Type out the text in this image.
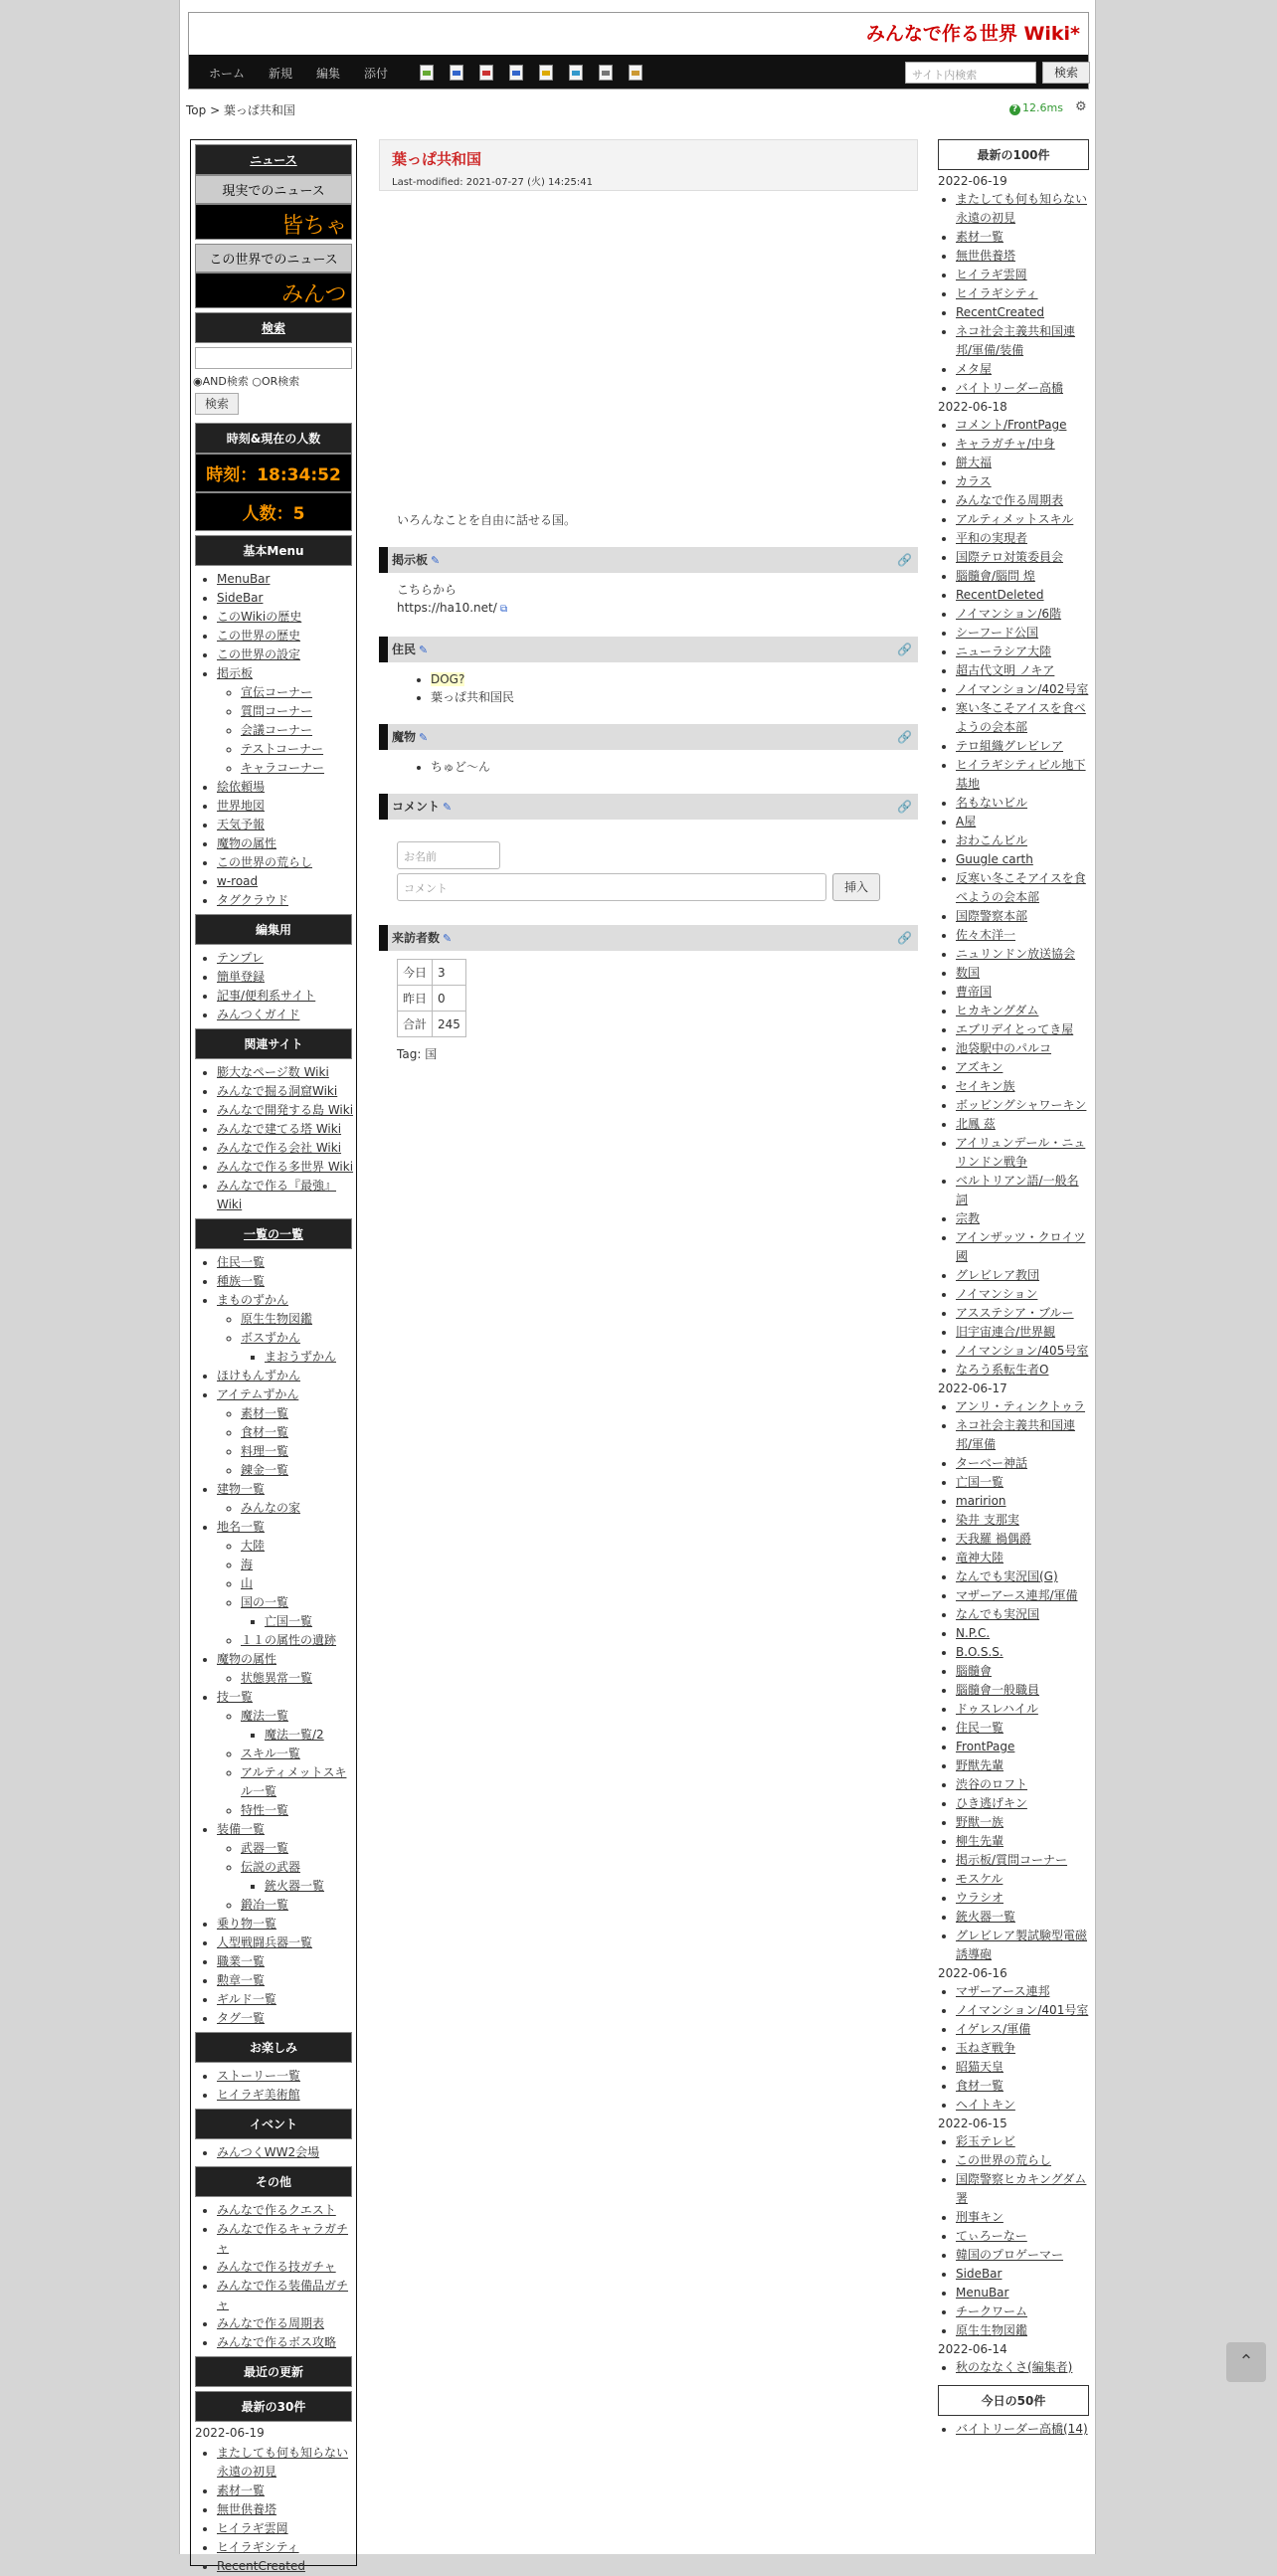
みんなで作る世界 Wiki*
ホーム 新規 編集 添付	サイト内検索	検索
Top > 葉っぱ共和国	? 12.6ms ⚙
ニュース
現実でのニュース
皆ちゃ
この世界でのニュース
みんつ
検索
◉AND検索 ○OR検索
検索
時刻&現在の人数
時刻：18:34:52
人数：5
基本Menu
• MenuBar
• SideBar
• このWikiの歴史
• この世界の歴史
• この世界の設定
• 掲示板
◦ 宣伝コーナー
◦ 質問コーナー
◦ 会議コーナー
◦ テストコーナー
◦ キャラコーナー
• 絵依頼場
• 世界地図
• 天気予報
• 魔物の属性
• この世界の荒らし
• w-road
• タグクラウド
編集用
• テンプレ
• 簡単登録
• 記事/便利系サイト
• みんつくガイド
関連サイト
• 膨大なページ数 Wiki
• みんなで掘る洞窟Wiki
• みんなで開発する島 Wiki
• みんなで建てる塔 Wiki
• みんなで作る会社 Wiki
• みんなで作る多世界 Wiki
• みんなで作る『最強』Wiki
一覧の一覧
• 住民一覧
• 種族一覧
• まものずかん
◦ 原生生物図鑑
◦ ボスずかん
▪ まおうずかん
• ほけもんずかん
• アイテムずかん
◦ 素材一覧
◦ 食材一覧
◦ 料理一覧
◦ 錬金一覧
• 建物一覧
◦ みんなの家
• 地名一覧
◦ 大陸
◦ 海
◦ 山
◦ 国の一覧
▪ 亡国一覧
◦ １１の属性の遺跡
• 魔物の属性
◦ 状態異常一覧
• 技一覧
◦ 魔法一覧
▪ 魔法一覧/2
◦ スキル一覧
◦ アルティメットスキル一覧
◦ 特性一覧
• 装備一覧
◦ 武器一覧
◦ 伝説の武器
▪ 銃火器一覧
◦ 鍛冶一覧
• 乗り物一覧
• 人型戦闘兵器一覧
• 職業一覧
• 勲章一覧
• ギルド一覧
• タグ一覧
お楽しみ
• ストーリー一覧
• ヒイラギ美術館
イベント
• みんつくWW2会場
その他
• みんなで作るクエスト
• みんなで作るキャラガチャ
• みんなで作る技ガチャ
• みんなで作る装備品ガチャ
• みんなで作る周期表
• みんなで作るボス攻略
最近の更新
最新の30件
2022-06-19
• またしても何も知らない永遠の初見
• 素材一覧
• 無世供養塔
• ヒイラギ雲岡
• ヒイラギシティ
• RecentCreated
葉っぱ共和国
Last-modified: 2021-07-27 (火) 14:25:41
いろんなことを自由に話せる国。
掲示板 ✎	🔗
こちらから
https://ha10.net/ ⧉
住民 ✎	🔗
• DOG?
• 葉っぱ共和国民
魔物 ✎	🔗
• ちゅど～ん
コメント ✎	🔗
お名前
コメント	挿入
来訪者数 ✎	🔗
今日	3
昨日	0
合計	245
Tag: 国
最新の100件
2022-06-19
• またしても何も知らない永遠の初見
• 素材一覧
• 無世供養塔
• ヒイラギ雲岡
• ヒイラギシティ
• RecentCreated
• ネコ社会主義共和国連邦/軍備/装備
• メタ屋
• バイトリーダー高橋
2022-06-18
• コメント/FrontPage
• キャラガチャ/中身
• 餅大福
• カラス
• みんなで作る周期表
• アルティメットスキル
• 平和の実現者
• 国際テロ対策委員会
• 腦髓會/腦問 煌
• RecentDeleted
• ノイマンション/6階
• シーフード公国
• ニューラシア大陸
• 超古代文明 ノキア
• ノイマンション/402号室
• 寒い冬こそアイスを食べようの会本部
• テロ組織グレビレア
• ヒイラギシティビル地下基地
• 名もないビル
• A屋
• おわこんビル
• Guugle carth
• 反寒い冬こそアイスを食べようの会本部
• 国際警察本部
• 佐々木洋一
• ニュリンドン放送協会
• 数国
• 曹帝国
• ヒカキングダム
• エブリデイとってき屋
• 池袋駅中のパルコ
• アズキン
• セイキン族
• ボッビングシャワーキン
• 北鳳 茲
• アイリュンデール・ニュリンドン戦争
• ベルトリアン語/一般名詞
• 宗教
• アインザッツ・クロイツ國
• グレビレア教団
• ノイマンション
• アスステシア・ブルー
• 旧宇宙連合/世界観
• ノイマンション/405号室
• なろう系転生者O
2022-06-17
• アンリ・ティンクトゥラ
• ネコ社会主義共和国連邦/軍備
• ターベー神話
• 亡国一覧
• maririon
• 染井 支那実
• 天我羅 禍偶爵
• 竜神大陸
• なんでも実況国(G)
• マザーアース連邦/軍備
• なんでも実況国
• N.P.C.
• B.O.S.S.
• 腦髓會
• 腦髓會一般職員
• ドゥスレハイル
• 住民一覧
• FrontPage
• 野獣先輩
• 渋谷のロフト
• ひき逃げキン
• 野獣一族
• 柳生先輩
• 掲示板/質問コーナー
• モスケル
• ウラシオ
• 銃火器一覧
• グレビレア製試験型電磁誘導砲
2022-06-16
• マザーアース連邦
• ノイマンション/401号室
• イゲレス/軍備
• 玉ねぎ戦争
• 昭猫天皇
• 食材一覧
• ヘイトキン
2022-06-15
• 彩玉テレビ
• この世界の荒らし
• 国際警察ヒカキングダム署
• 刑事キン
• てぃろーなー
• 韓国のプロゲーマー
• SideBar
• MenuBar
• チークワーム
• 原生生物図鑑
2022-06-14
• 秋のななくさ(編集者)
今日の50件
• バイトリーダー高橋(14)
⌃
